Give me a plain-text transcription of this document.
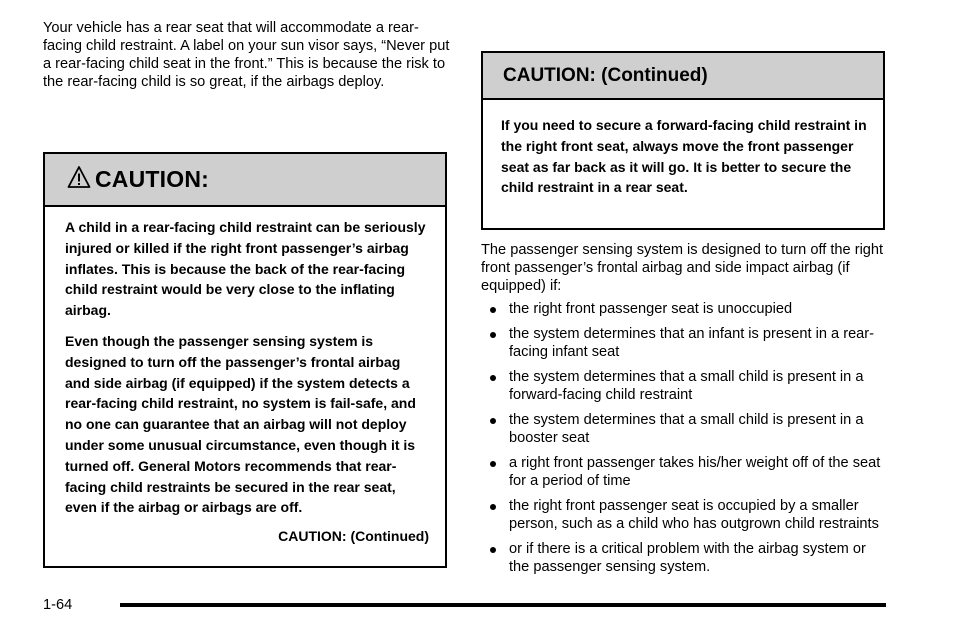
Your vehicle has a rear seat that will accommodate a rear-facing child restraint. A label on your sun visor says, “Never put a rear-facing child seat in the front.” This is because the risk to the rear-facing child is so great, if the airbags deploy.

CAUTION:

A child in a rear-facing child restraint can be seriously injured or killed if the right front passenger’s airbag inflates. This is because the back of the rear-facing child restraint would be very close to the inflating airbag.

Even though the passenger sensing system is designed to turn off the passenger’s frontal airbag and side airbag (if equipped) if the system detects a rear-facing child restraint, no system is fail-safe, and no one can guarantee that an airbag will not deploy under some unusual circumstance, even though it is turned off. General Motors recommends that rear-facing child restraints be secured in the rear seat, even if the airbag or airbags are off.

CAUTION: (Continued)
CAUTION: (Continued)
If you need to secure a forward-facing child restraint in the right front seat, always move the front passenger seat as far back as it will go. It is better to secure the child restraint in a rear seat.

The passenger sensing system is designed to turn off the right front passenger’s frontal airbag and side impact airbag (if equipped) if:

the right front passenger seat is unoccupied
the system determines that an infant is present in a rear-facing infant seat
the system determines that a small child is present in a forward-facing child restraint
the system determines that a small child is present in a booster seat
a right front passenger takes his/her weight off of the seat for a period of time
the right front passenger seat is occupied by a smaller person, such as a child who has outgrown child restraints
or if there is a critical problem with the airbag system or the passenger sensing system.
1-64
